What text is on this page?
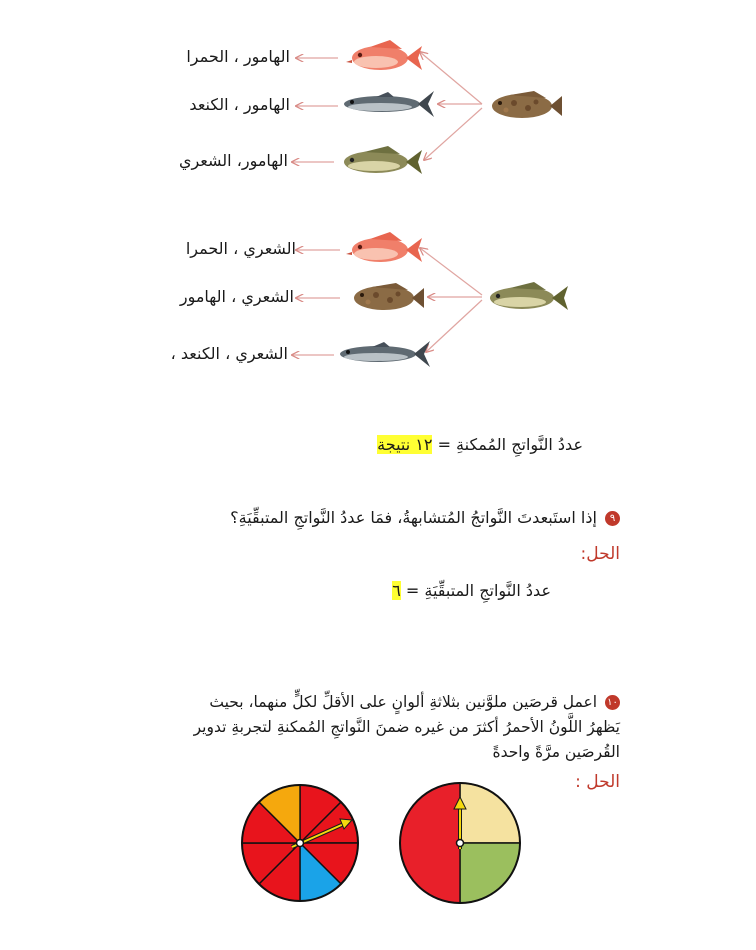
الهامور ، الحمرا
الهامور ، الكنعد
الهامور، الشعري
الشعري ، الحمرا
الشعري ، الهامور
الشعري ، الكنعد ،
عددُ النَّواتجِ المُمكنةِ = ١٢ نتيجة
٩ إذا استَبعدتَ النَّواتجُ المُتشابهةُ، فمَا عددُ النَّواتجِ المتبقِّيَةِ؟
الحل:
عددُ النَّواتجِ المتبقِّيَةِ = ٦
١٠ اعمل قرصَين ملوَّنين بثلاثةِ ألوانٍ على الأقلِّ لكلٍّ منهما، بحيث
يَظهرُ اللَّونُ الأحمرُ أكثرَ من غيره ضمنَ النَّواتجِ المُمكنةِ لتجربةِ تدوير
القُرصَين مرَّةً واحدةً
الحل :
